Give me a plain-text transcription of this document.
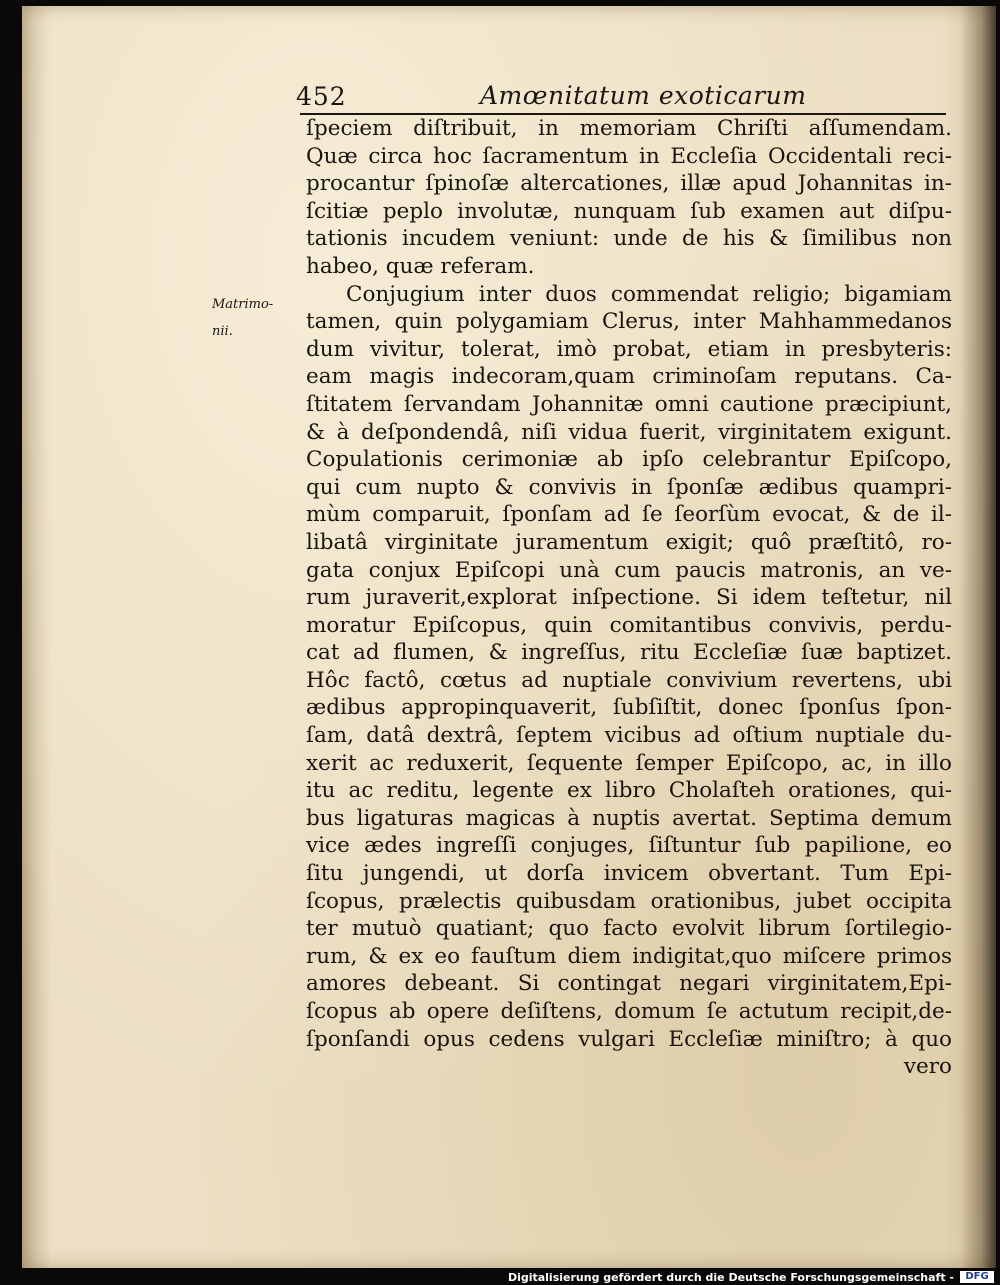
452	Amœnitatum exoticarum
Matrimo-
nii.
ſpeciem diſtribuit, in memoriam Chriſti aſſumendam.
Quæ circa hoc ſacramentum in Eccleſia Occidentali reci-
procantur ſpinoſæ altercationes, illæ apud Johannitas in-
ſcitiæ peplo involutæ, nunquam ſub examen aut diſpu-
tationis incudem veniunt: unde de his & ſimilibus non
habeo, quæ referam.
Conjugium inter duos commendat religio; bigamiam
tamen, quin polygamiam Clerus, inter Mahhammedanos
dum vivitur, tolerat, imò probat, etiam in presbyteris:
eam magis indecoram,quam criminoſam reputans. Ca-
ſtitatem ſervandam Johannitæ omni cautione præcipiunt,
& à deſpondendâ, niſi vidua fuerit, virginitatem exigunt.
Copulationis cerimoniæ ab ipſo celebrantur Epiſcopo,
qui cum nupto & convivis in ſponſæ ædibus quampri-
mùm comparuit, ſponſam ad ſe ſeorſùm evocat, & de il-
libatâ virginitate juramentum exigit; quô præſtitô, ro-
gata conjux Epiſcopi unà cum paucis matronis, an ve-
rum juraverit,explorat inſpectione. Si idem teſtetur, nil
moratur Epiſcopus, quin comitantibus convivis, perdu-
cat ad flumen, & ingreſſus, ritu Eccleſiæ ſuæ baptizet.
Hôc factô, cœtus ad nuptiale convivium revertens, ubi
ædibus appropinquaverit, ſubſiſtit, donec ſponſus ſpon-
ſam, datâ dextrâ, ſeptem vicibus ad oſtium nuptiale du-
xerit ac reduxerit, ſequente ſemper Epiſcopo, ac, in illo
itu ac reditu, legente ex libro Cholaſteh orationes, qui-
bus ligaturas magicas à nuptis avertat. Septima demum
vice ædes ingreſſi conjuges, ſiſtuntur ſub papilione, eo
ſitu jungendi, ut dorſa invicem obvertant. Tum Epi-
ſcopus, prælectis quibusdam orationibus, jubet occipita
ter mutuò quatiant; quo facto evolvit librum ſortilegio-
rum, & ex eo fauſtum diem indigitat,quo miſcere primos
amores debeant. Si contingat negari virginitatem,Epi-
ſcopus ab opere deſiſtens, domum ſe actutum recipit,de-
ſponſandi opus cedens vulgari Eccleſiæ miniſtro; à quo
vero
Digitalisierung gefördert durch die Deutsche Forschungsgemeinschaft -	DFG
